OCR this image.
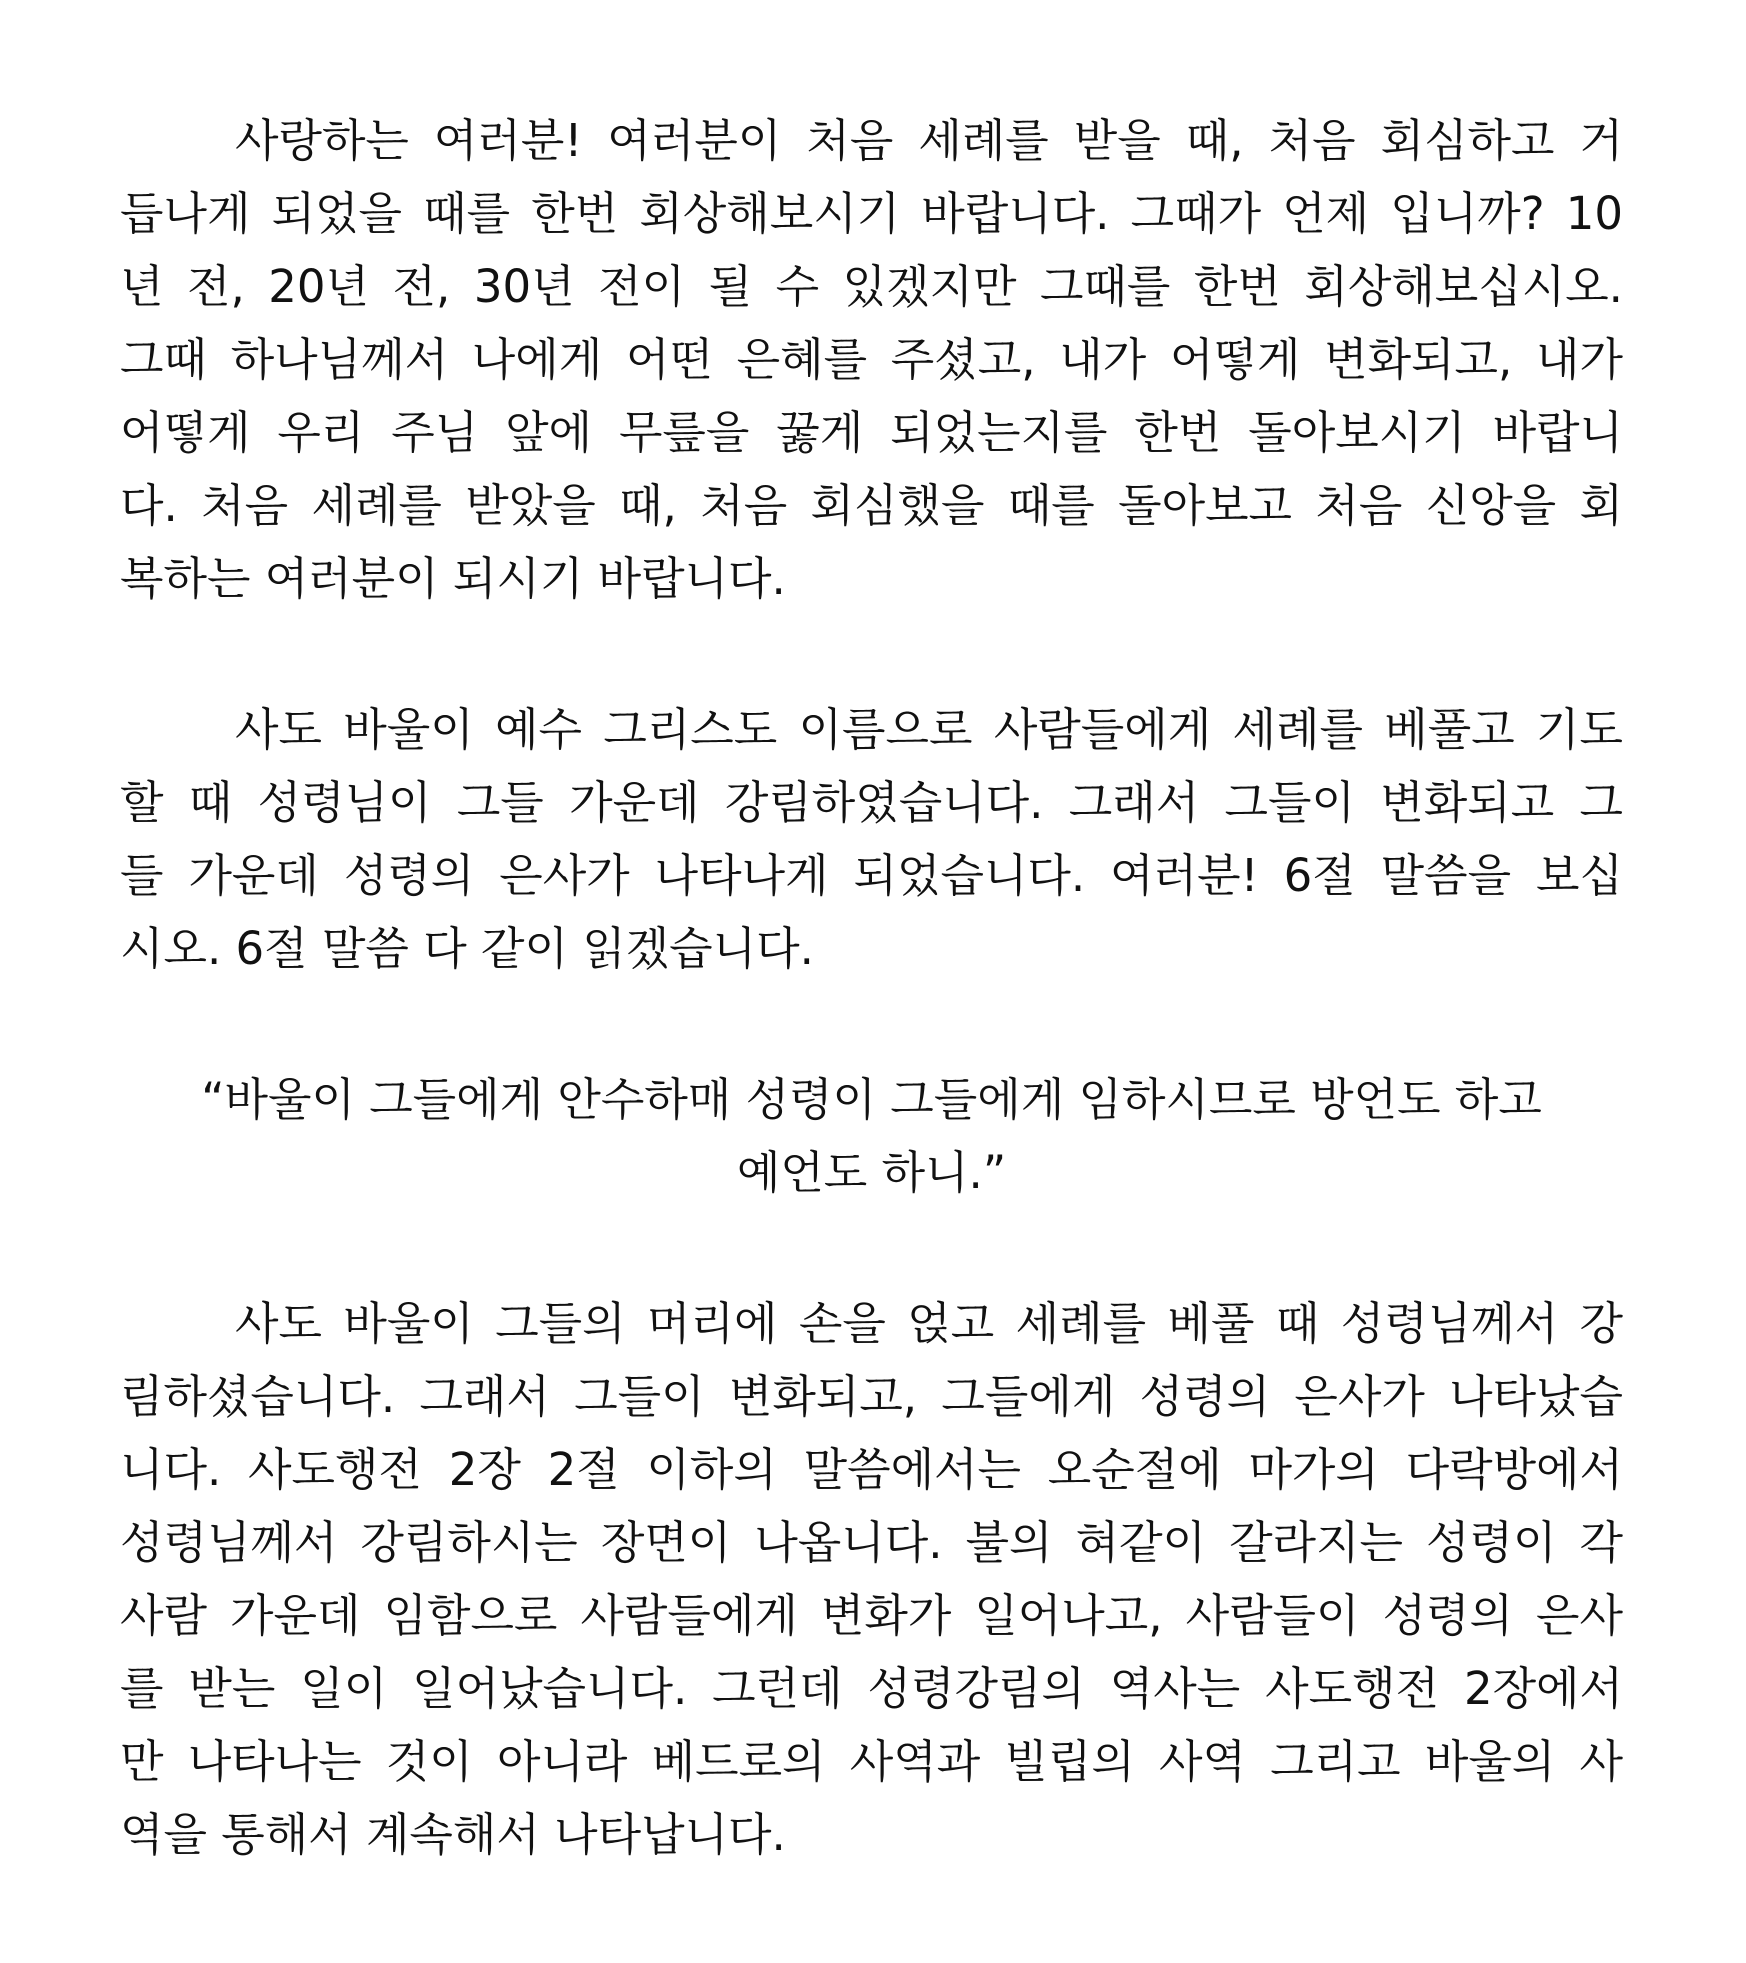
사랑하는 여러분! 여러분이 처음 세례를 받을 때, 처음 회심하고 거
듭나게 되었을 때를 한번 회상해보시기 바랍니다. 그때가 언제 입니까? 10
년 전, 20년 전, 30년 전이 될 수 있겠지만 그때를 한번 회상해보십시오.
그때 하나님께서 나에게 어떤 은혜를 주셨고, 내가 어떻게 변화되고, 내가
어떻게 우리 주님 앞에 무릎을 꿇게 되었는지를 한번 돌아보시기 바랍니
다. 처음 세례를 받았을 때, 처음 회심했을 때를 돌아보고 처음 신앙을 회
복하는 여러분이 되시기 바랍니다.
사도 바울이 예수 그리스도 이름으로 사람들에게 세례를 베풀고 기도
할 때 성령님이 그들 가운데 강림하였습니다. 그래서 그들이 변화되고 그
들 가운데 성령의 은사가 나타나게 되었습니다. 여러분! 6절 말씀을 보십
시오. 6절 말씀 다 같이 읽겠습니다.
“바울이 그들에게 안수하매 성령이 그들에게 임하시므로 방언도 하고
예언도 하니.”
사도 바울이 그들의 머리에 손을 얹고 세례를 베풀 때 성령님께서 강
림하셨습니다. 그래서 그들이 변화되고, 그들에게 성령의 은사가 나타났습
니다. 사도행전 2장 2절 이하의 말씀에서는 오순절에 마가의 다락방에서
성령님께서 강림하시는 장면이 나옵니다. 불의 혀같이 갈라지는 성령이 각
사람 가운데 임함으로 사람들에게 변화가 일어나고, 사람들이 성령의 은사
를 받는 일이 일어났습니다. 그런데 성령강림의 역사는 사도행전 2장에서
만 나타나는 것이 아니라 베드로의 사역과 빌립의 사역 그리고 바울의 사
역을 통해서 계속해서 나타납니다.
